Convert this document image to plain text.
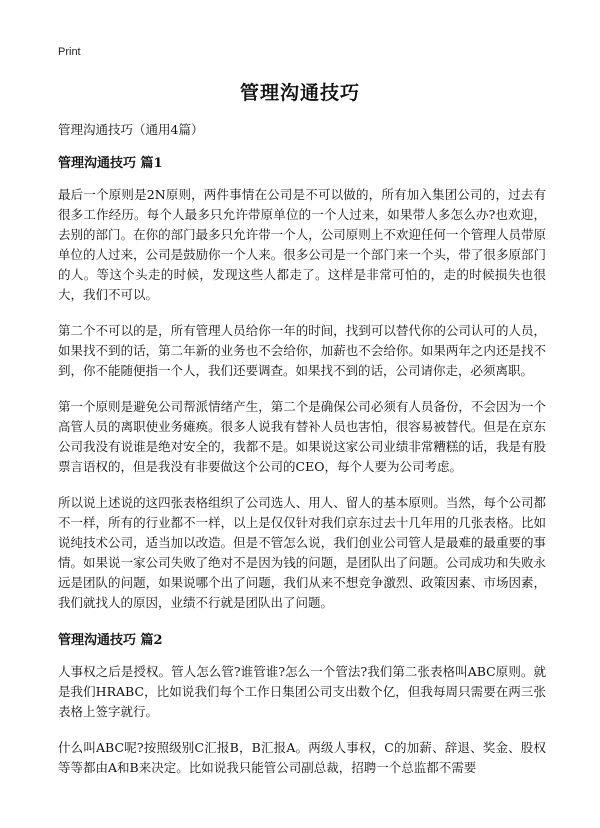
Print
管理沟通技巧
管理沟通技巧（通用4篇）
管理沟通技巧 篇1

最后一个原则是2N原则，两件事情在公司是不可以做的，所有加入集团公司的，过去有很多工作经历。每个人最多只允许带原单位的一个人过来，如果带人多怎么办?也欢迎，去别的部门。在你的部门最多只允许带一个人，公司原则上不欢迎任何一个管理人员带原单位的人过来，公司是鼓励你一个人来。很多公司是一个部门来一个头，带了很多原部门的人。等这个头走的时候，发现这些人都走了。这样是非常可怕的，走的时候损失也很大，我们不可以。

第二个不可以的是，所有管理人员给你一年的时间，找到可以替代你的公司认可的人员，如果找不到的话，第二年新的业务也不会给你，加薪也不会给你。如果两年之内还是找不到，你不能随便指一个人，我们还要调查。如果找不到的话，公司请你走，必须离职。

第一个原则是避免公司帮派情绪产生，第二个是确保公司必须有人员备份，不会因为一个高管人员的离职使业务瘫痪。很多人说我有替补人员也害怕，很容易被替代。但是在京东公司我没有说谁是绝对安全的，我都不是。如果说这家公司业绩非常糟糕的话，我是有股票言语权的，但是我没有非要做这个公司的CEO，每个人要为公司考虑。

所以说上述说的这四张表格组织了公司选人、用人、留人的基本原则。当然，每个公司都不一样，所有的行业都不一样，以上是仅仅针对我们京东过去十几年用的几张表格。比如说纯技术公司，适当加以改造。但是不管怎么说，我们创业公司管人是最难的最重要的事情。如果说一家公司失败了绝对不是因为钱的问题，是团队出了问题。公司成功和失败永远是团队的问题，如果说哪个出了问题，我们从来不想竞争激烈、政策因素、市场因素，我们就找人的原因，业绩不行就是团队出了问题。

管理沟通技巧 篇2

人事权之后是授权。管人怎么管?谁管谁?怎么一个管法?我们第二张表格叫ABC原则。就是我们HRABC，比如说我们每个工作日集团公司支出数个亿，但我每周只需要在两三张表格上签字就行。

什么叫ABC呢?按照级别C汇报B，B汇报A。两级人事权，C的加薪、辞退、奖金、股权等等都由A和B来决定。比如说我只能管公司副总裁，招聘一个总监都不需要
